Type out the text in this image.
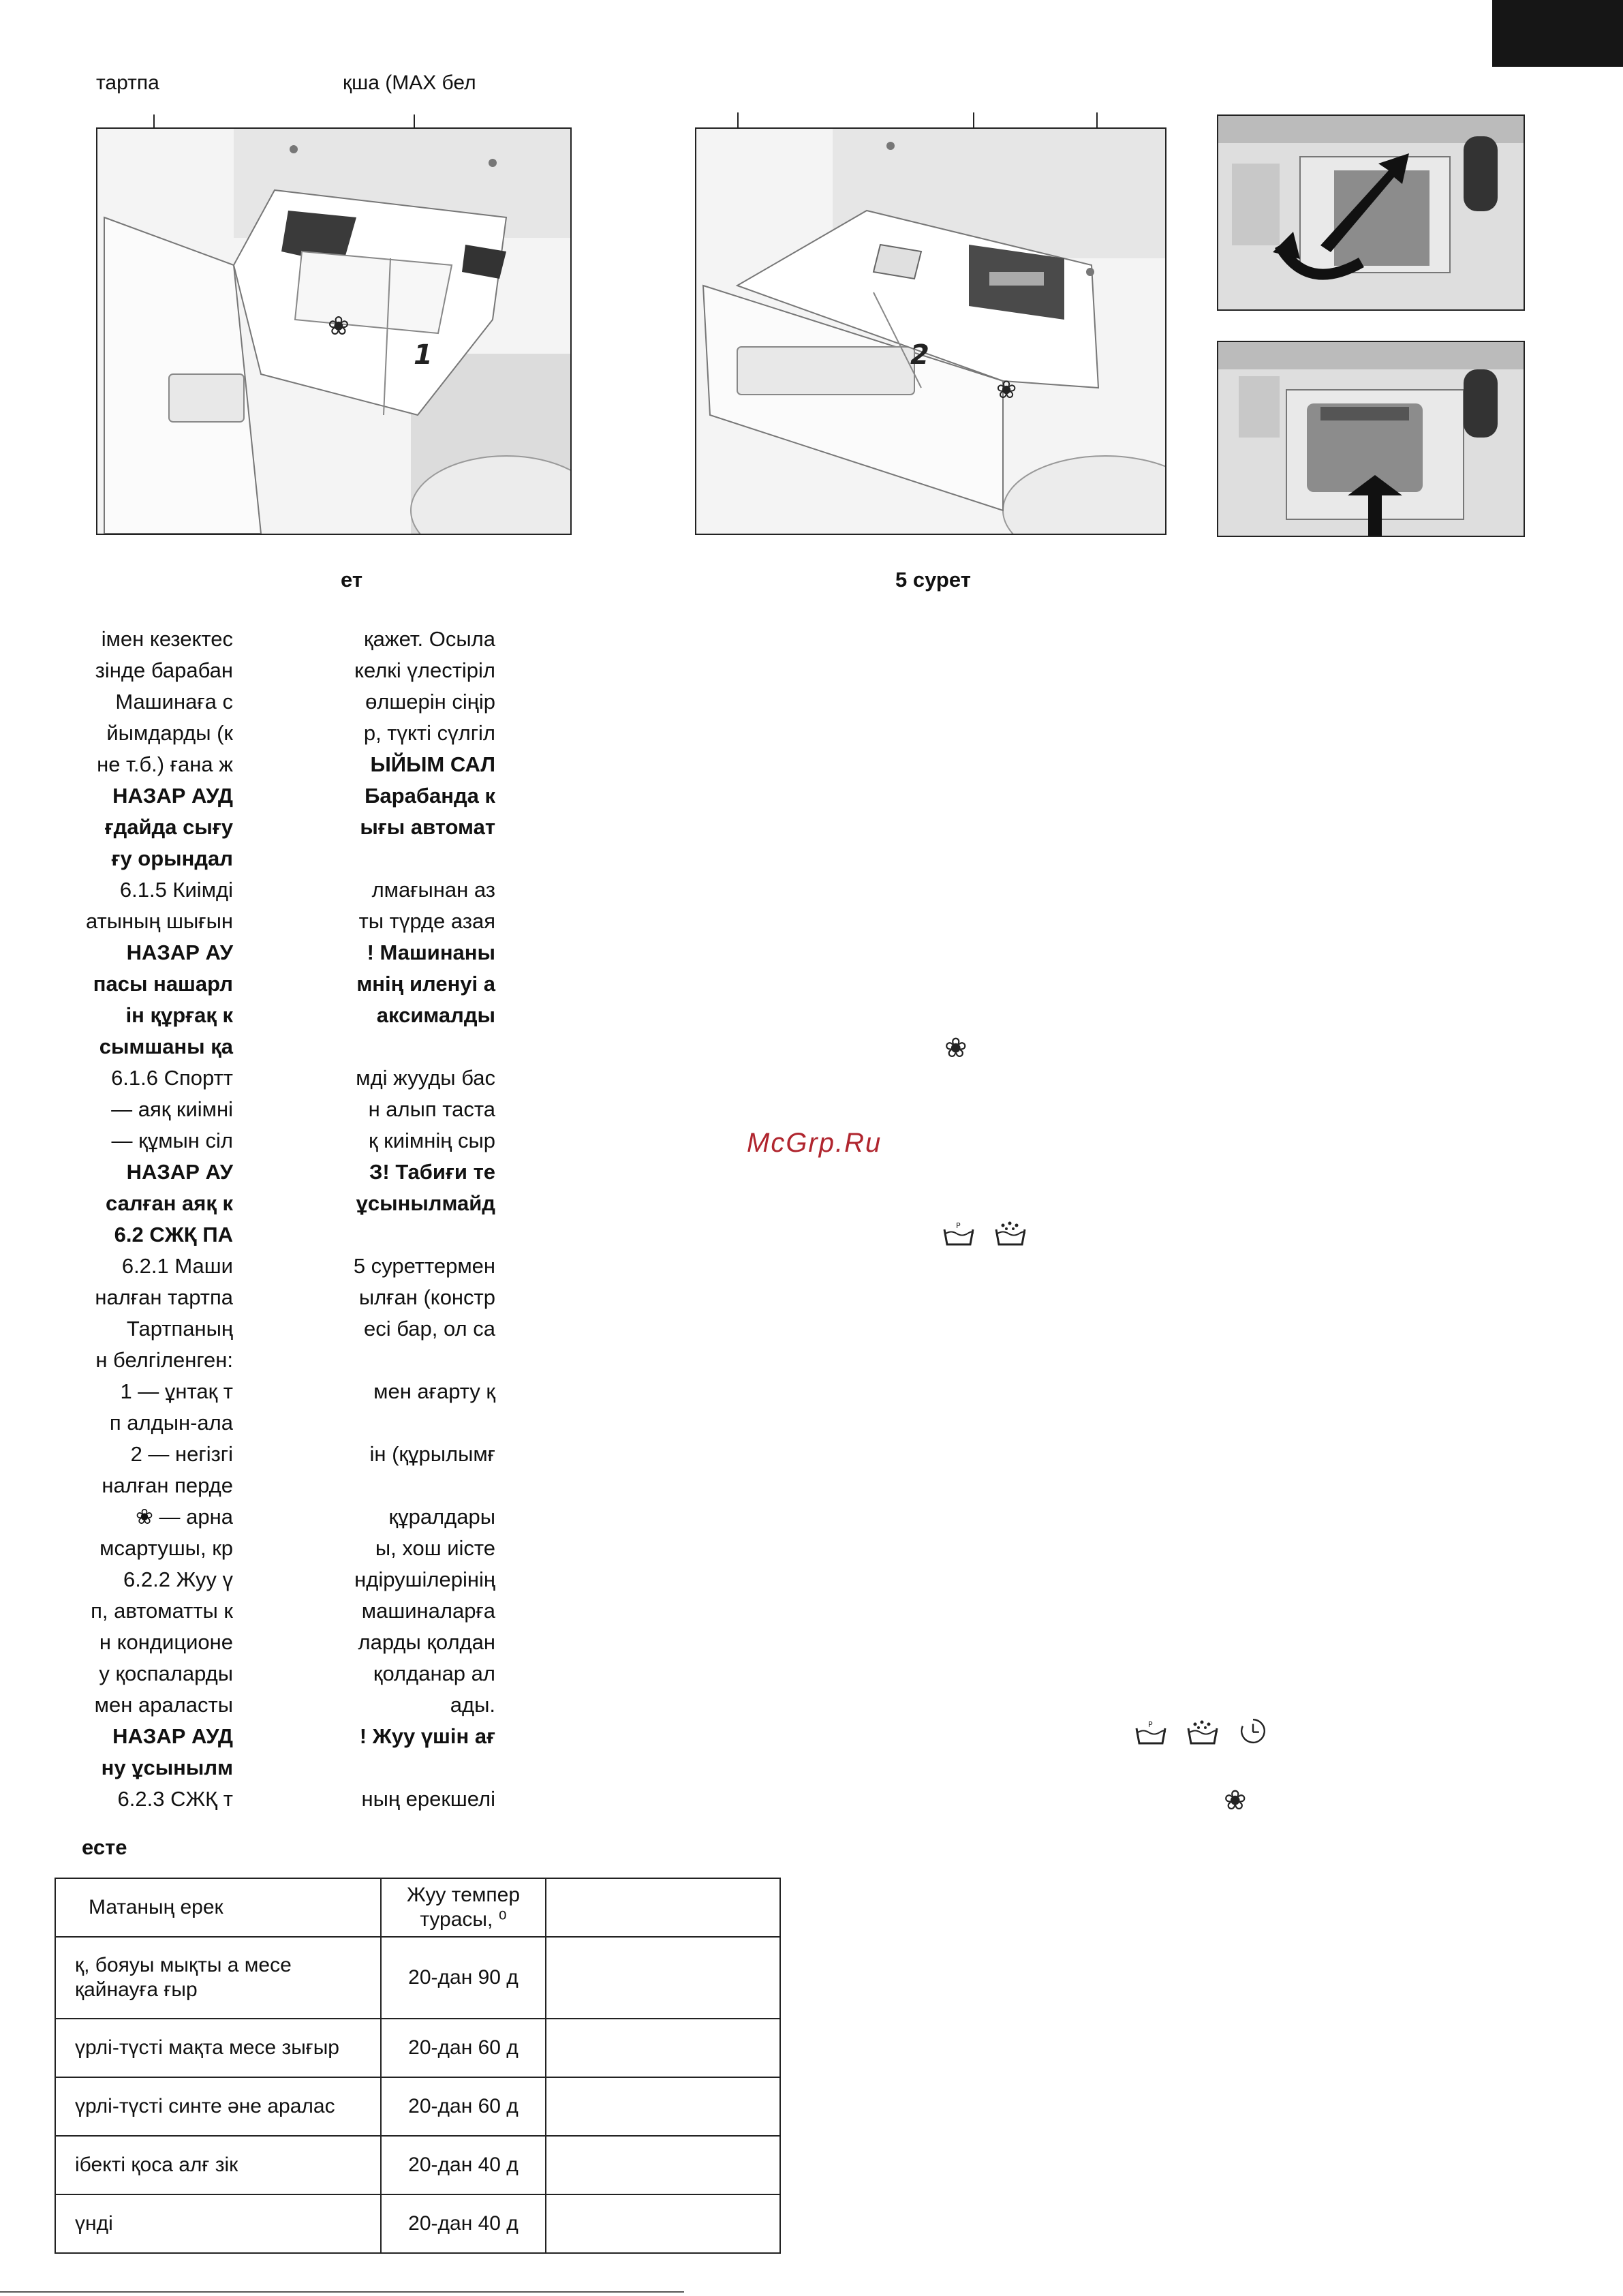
тартпа	қша (MAX бел
1
❀
2
❀
ет	5 сурет
імен кезектес
зінде барабан
Машинаға с
йымдарды (к
не т.б.) ғана ж
НАЗАР АУД
ғдайда сығу
ғу орындал
6.1.5 Киімді
атының шығын
НАЗАР АУ
пасы нашарл
ін құрғақ к
сымшаны қа
6.1.6 Спортт
— аяқ киімні
— құмын сіл
НАЗАР АУ
салған аяқ к
6.2 СЖҚ ПА
6.2.1 Маши
налған тартпа
Тартпаның
н белгіленген:
1 — ұнтақ т
п алдын-ала
2 — негізгі
налған перде
❀ — арна
мсартушы, кр
6.2.2 Жуу ү
п, автоматты к
н кондиционе
у қоспаларды
мен араласты
НАЗАР АУД
ну ұсынылм
6.2.3 СЖҚ т
қажет. Осыла
келкі үлестіріл
өлшерін сіңір
р, түкті сүлгіл
ЫЙЫМ САЛ
Барабанда к
ығы автомат
лмағынан аз
ты түрде азая
! Машинаны
мнің иленуі а
аксималды
мді жууды бас
н алып таста
қ киімнің сыр
З! Табиғи те
ұсынылмайд
5 суреттермен
ылған (констр
есі бар, ол са
мен ағарту қ
ін (құрылымғ
құралдары
ы, хош иісте
ндірушілерінің
машиналарға
ларды қолдан
қолданар ал
ады.
! Жуу үшін ағ
ның ерекшелі
есте
McGrp.Ru
❀
❀
P
P
Матаның ерек	Жуу темпер турасы, ⁰	
қ, бояуы мықты а месе қайнауға ғыр	20-дан 90 д	
үрлі-түсті мақта месе зығыр	20-дан 60 д	
үрлі-түсті синте әне аралас	20-дан 60 д	
ібекті қоса алғ зік	20-дан 40 д	
үнді	20-дан 40 д	
